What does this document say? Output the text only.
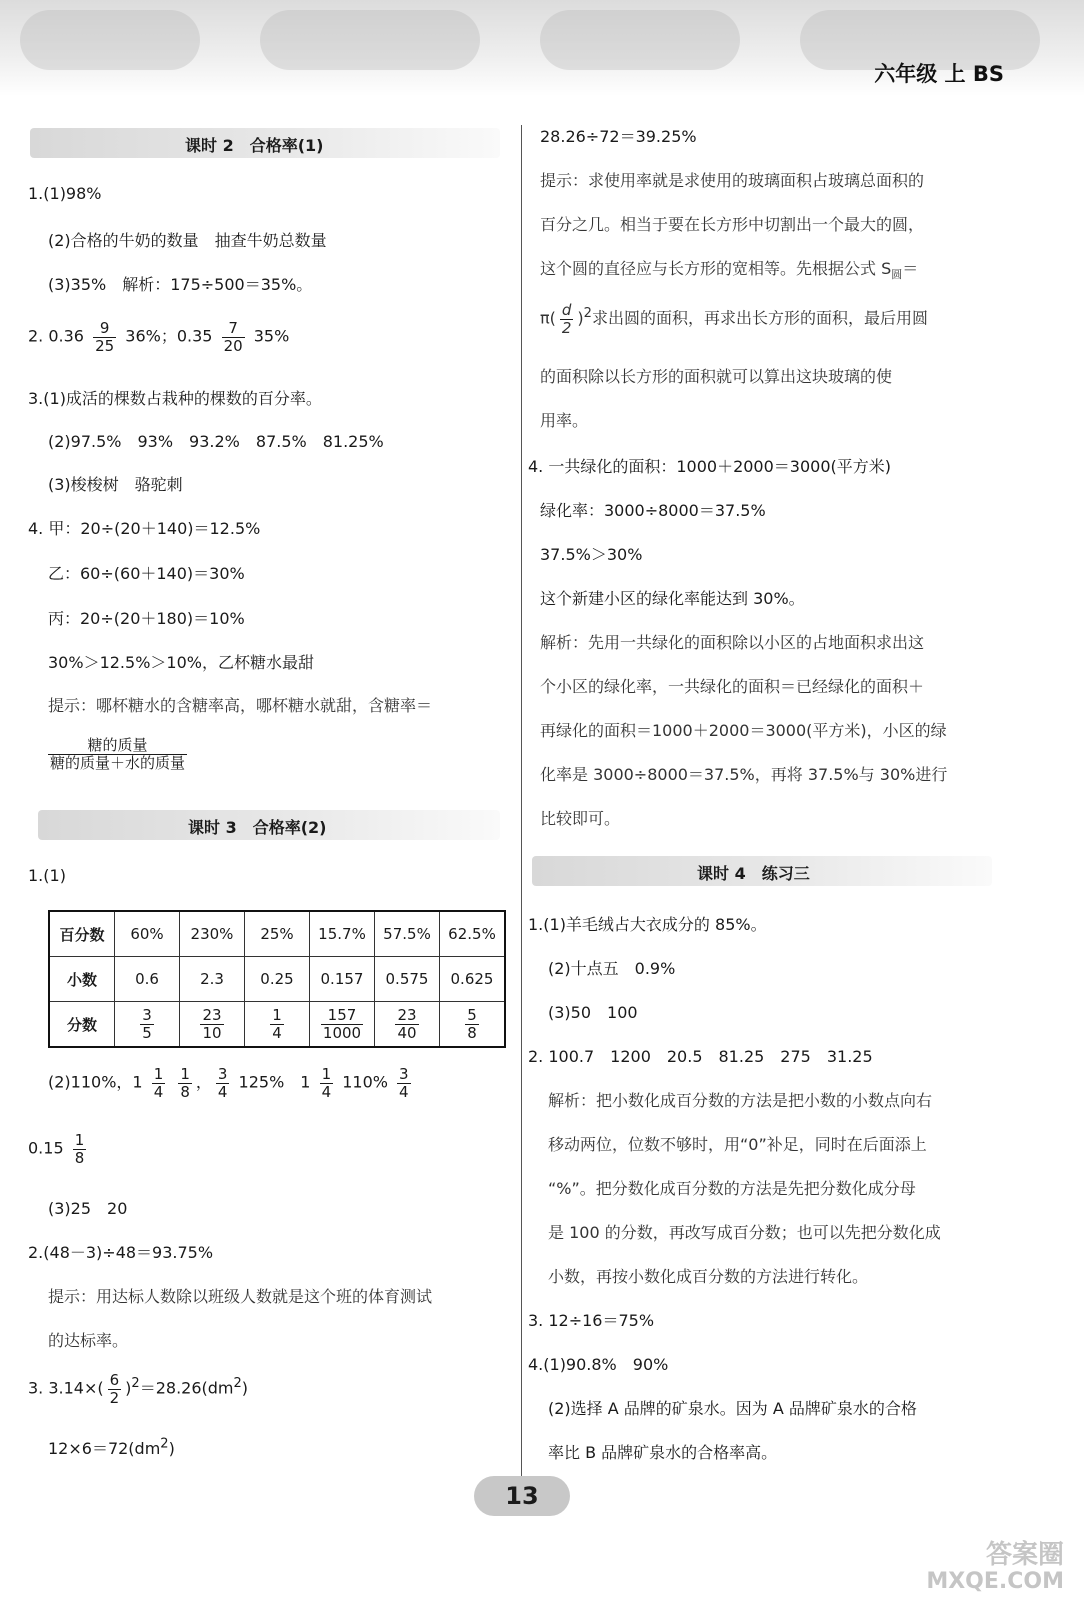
六年级 上 BS
课时 2　合格率(1)
1.(1)98%
(2)合格的牛奶的数量　抽查牛奶总数量
(3)35%　解析：175÷500＝35%。
2. $0.36 \frac{9}{25} 36\%$；$0.35 \frac{7}{20} 35\%$
3.(1)成活的棵数占栽种的棵数的百分率。
(2)97.5%　93%　93.2%　87.5%　81.25%
(3)梭梭树　骆驼刺
4. 甲：20÷(20＋140)＝12.5%
乙：60÷(60＋140)＝30%
丙：20÷(20＋180)＝10%
30%＞12.5%＞10%，乙杯糖水最甜
提示：哪杯糖水的含糖率高，哪杯糖水就甜，含糖率＝
$\frac{\text{糖的质量}}{\text{糖的质量＋水的质量}}$
课时 3　合格率(2)
1.(1)
百分数	60%	230%	25%	15.7%	57.5%	62.5%
小数	0.6	2.3	0.25	0.157	0.575	0.625
分数	$\frac{3}{5}$	$\frac{23}{10}$	$\frac{1}{4}$	$\frac{157}{1000}$	$\frac{23}{40}$	$\frac{5}{8}$
(2)110%，$1 \frac{1}{4}$
$\frac{1}{8}$ ， $\frac{3}{4} 125\%$　$1 \frac{1}{4} 110\% \frac{3}{4}$
$0.15 \frac{1}{8}$
(3)25　20
2.(48－3)÷48＝93.75%
提示：用达标人数除以班级人数就是这个班的体育测试
的达标率。
3. $3.14\times( \frac{6}{2} )^2=28.26(dm^2)$
$12\times 6=72(dm^2)$
28.26÷72＝39.25%
提示：求使用率就是求使用的玻璃面积占玻璃总面积的
百分之几。相当于要在长方形中切割出一个最大的圆，
这个圆的直径应与长方形的宽相等。先根据公式 $S_圆=$
$\pi( \frac{d}{2} )^2$求出圆的面积，再求出长方形的面积，最后用圆
的面积除以长方形的面积就可以算出这块玻璃的使
用率。
4. 一共绿化的面积：1000＋2000＝3000(平方米)
绿化率：3000÷8000＝37.5%
37.5%＞30%
这个新建小区的绿化率能达到 30%。
解析：先用一共绿化的面积除以小区的占地面积求出这
个小区的绿化率，一共绿化的面积＝已经绿化的面积＋
再绿化的面积＝1000＋2000＝3000(平方米)，小区的绿
化率是 3000÷8000＝37.5%，再将 37.5%与 30%进行
比较即可。
课时 4　练习三
1.(1)羊毛绒占大衣成分的 85%。
(2)十点五　0.9%
(3)50　100
2. 100.7　1200　20.5　81.25　275　31.25
解析：把小数化成百分数的方法是把小数的小数点向右
移动两位，位数不够时，用“0”补足，同时在后面添上
“%”。把分数化成百分数的方法是先把分数化成分母
是 100 的分数，再改写成百分数；也可以先把分数化成
小数，再按小数化成百分数的方法进行转化。
3. 12÷16＝75%
4.(1)90.8%　90%
(2)选择 A 品牌的矿泉水。因为 A 品牌矿泉水的合格
率比 B 品牌矿泉水的合格率高。
13
答案圈
MXQE.COM
